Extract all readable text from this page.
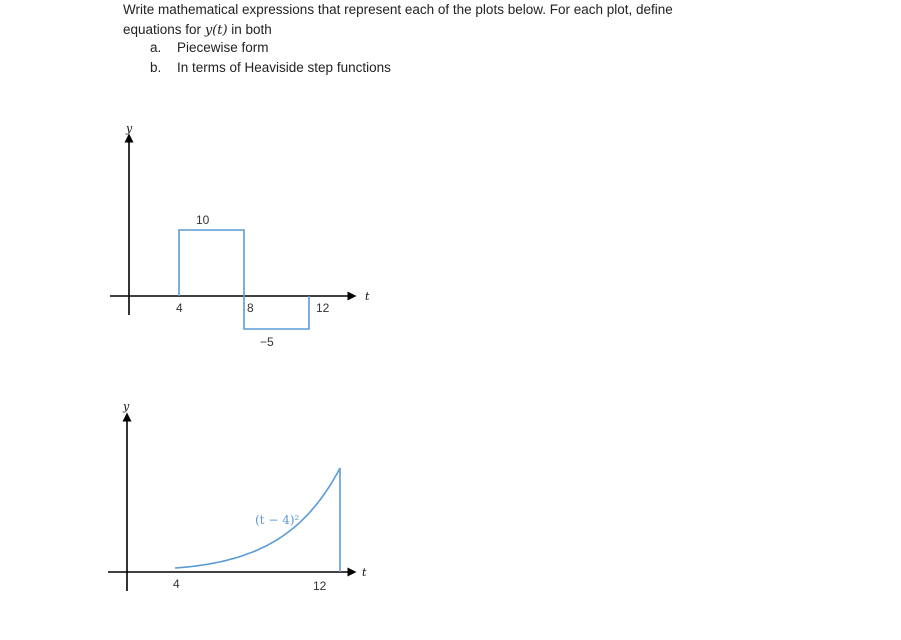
Write mathematical expressions that represent each of the plots below. For each plot, define
equations for y(t) in both
a. Piecewise form
b. In terms of Heaviside step functions
y
t
10
4	8	12
−5
y
t
(t − 4)²
4	12
